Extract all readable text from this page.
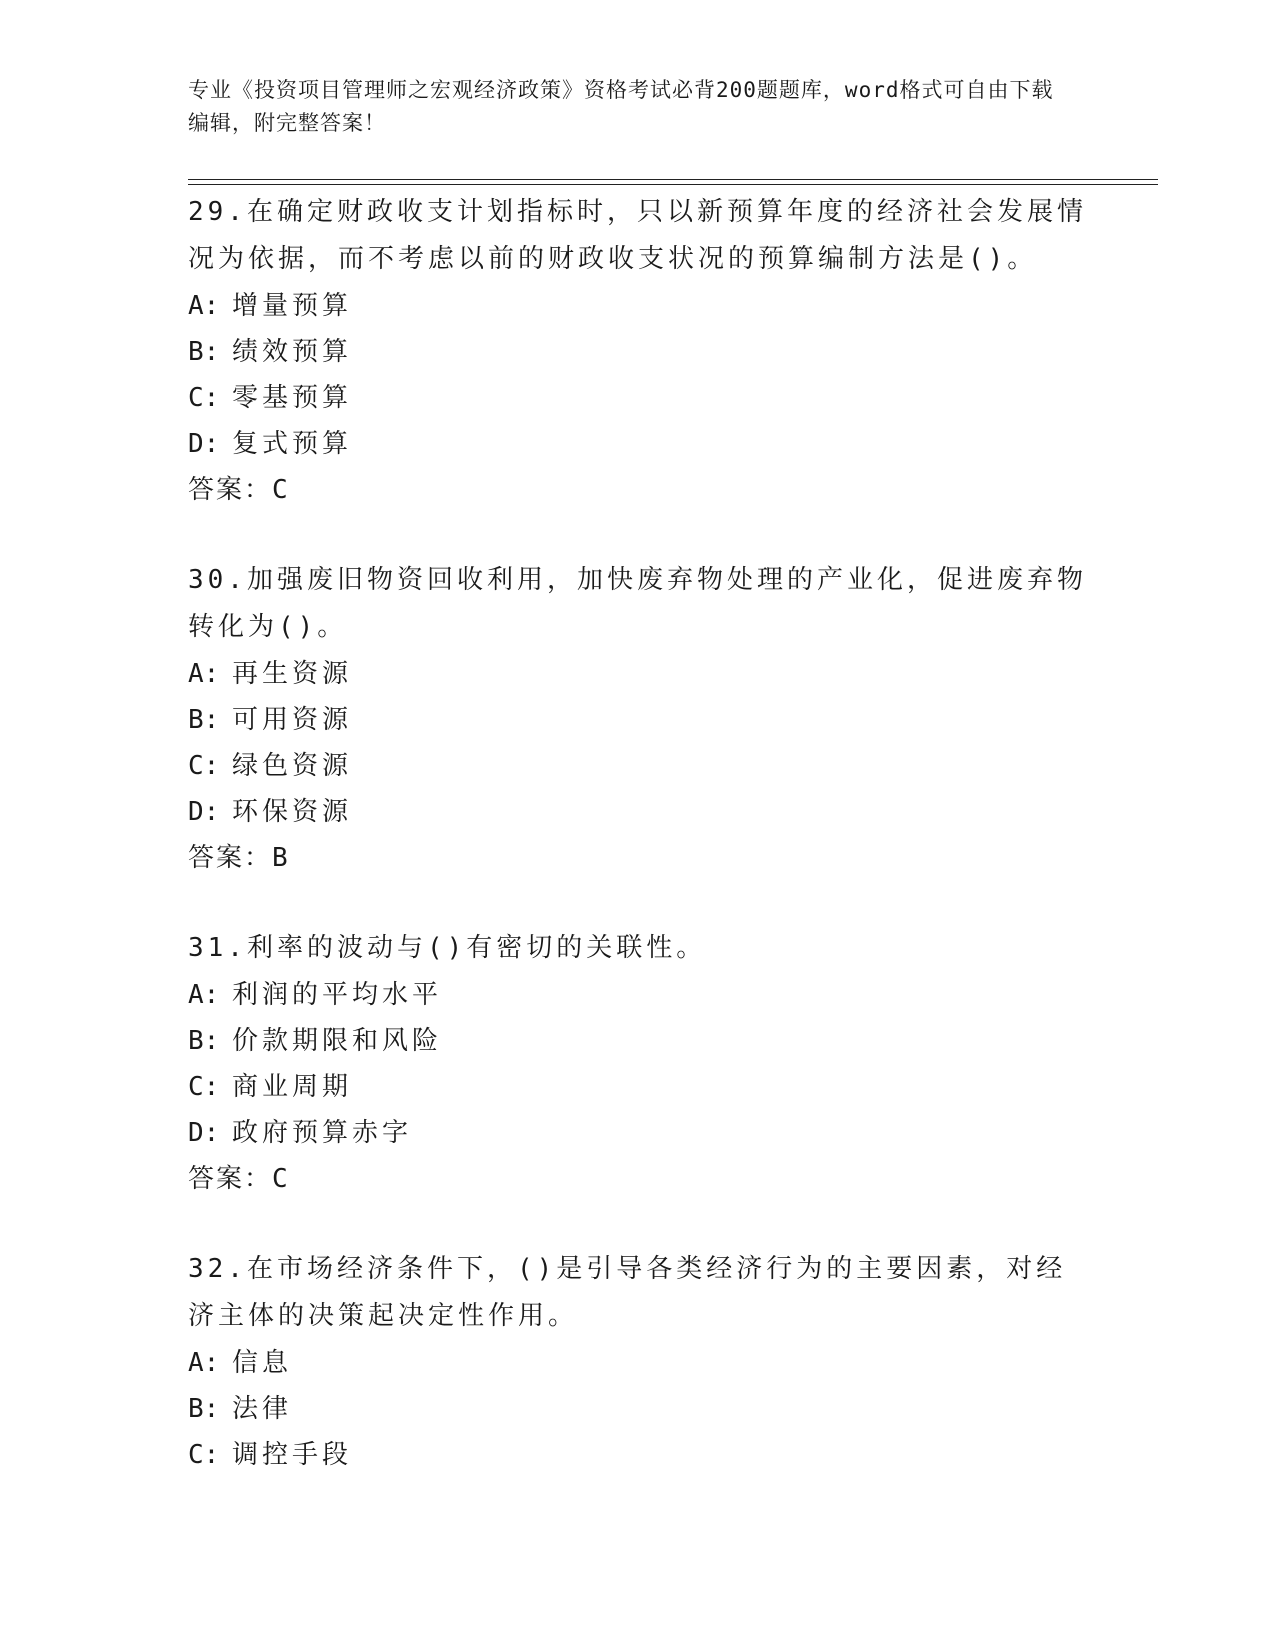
专业《投资项目管理师之宏观经济政策》资格考试必背200题题库，word格式可自由下载编辑，附完整答案！

29.在确定财政收支计划指标时，只以新预算年度的经济社会发展情况为依据，而不考虑以前的财政收支状况的预算编制方法是()。

A: 增量预算

B: 绩效预算

C: 零基预算

D: 复式预算

答案：C

30.加强废旧物资回收利用，加快废弃物处理的产业化，促进废弃物转化为()。

A: 再生资源

B: 可用资源

C: 绿色资源

D: 环保资源

答案：B

31.利率的波动与()有密切的关联性。

A: 利润的平均水平

B: 价款期限和风险

C: 商业周期

D: 政府预算赤字

答案：C

32.在市场经济条件下，()是引导各类经济行为的主要因素，对经济主体的决策起决定性作用。

A: 信息

B: 法律

C: 调控手段
